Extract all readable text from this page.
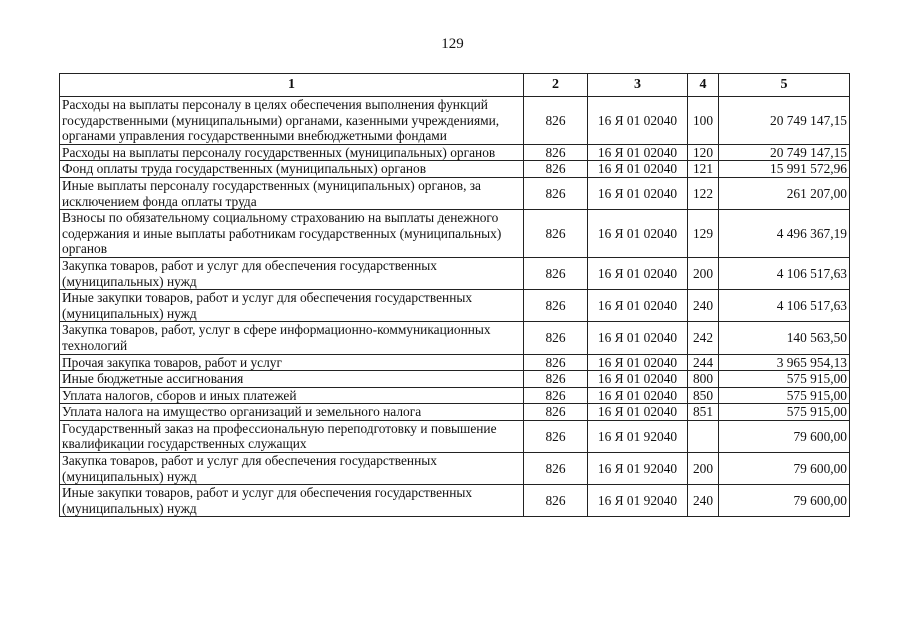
129
1	2	3	4	5
Расходы на выплаты персоналу в целях обеспечения выполнения функций государственными (муниципальными) органами, казенными учреждениями, органами управления государственными внебюджетными фондами	826	16 Я 01 02040	100	20 749 147,15
Расходы на выплаты персоналу государственных (муниципальных) органов	826	16 Я 01 02040	120	20 749 147,15
Фонд оплаты труда государственных (муниципальных) органов	826	16 Я 01 02040	121	15 991 572,96
Иные выплаты персоналу государственных (муниципальных) органов, за исключением фонда оплаты труда	826	16 Я 01 02040	122	261 207,00
Взносы по обязательному социальному страхованию на выплаты денежного содержания и иные выплаты работникам государственных (муниципальных) органов	826	16 Я 01 02040	129	4 496 367,19
Закупка товаров, работ и услуг для обеспечения государственных (муниципальных) нужд	826	16 Я 01 02040	200	4 106 517,63
Иные закупки товаров, работ и услуг для обеспечения государственных (муниципальных) нужд	826	16 Я 01 02040	240	4 106 517,63
Закупка товаров, работ, услуг в сфере информационно-коммуникационных технологий	826	16 Я 01 02040	242	140 563,50
Прочая закупка товаров, работ и услуг	826	16 Я 01 02040	244	3 965 954,13
Иные бюджетные ассигнования	826	16 Я 01 02040	800	575 915,00
Уплата налогов, сборов и иных платежей	826	16 Я 01 02040	850	575 915,00
Уплата налога на имущество организаций и земельного налога	826	16 Я 01 02040	851	575 915,00
Государственный заказ на профессиональную переподготовку и повышение квалификации государственных служащих	826	16 Я 01 92040		79 600,00
Закупка товаров, работ и услуг для обеспечения государственных (муниципальных) нужд	826	16 Я 01 92040	200	79 600,00
Иные закупки товаров, работ и услуг для обеспечения государственных (муниципальных) нужд	826	16 Я 01 92040	240	79 600,00
